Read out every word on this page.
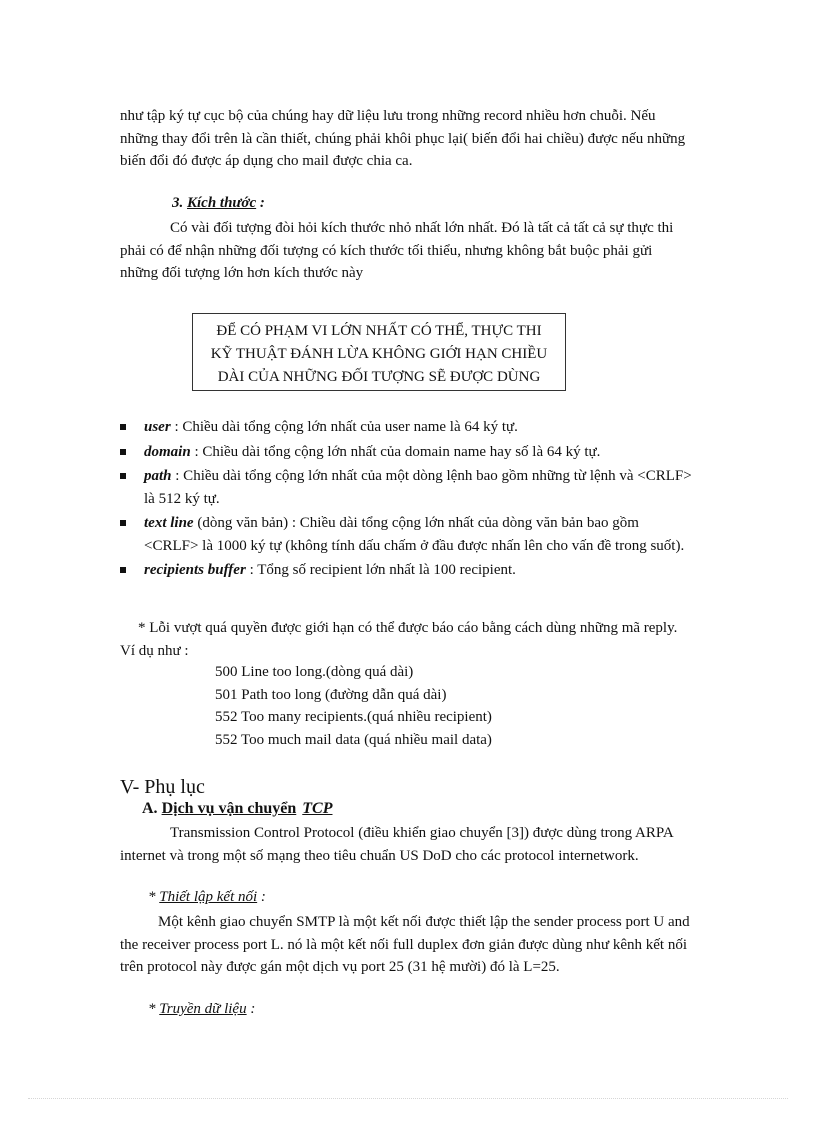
như tập ký tự cục bộ của chúng hay dữ liệu lưu trong những record nhiều hơn chuỗi. Nếu những thay đổi trên là cần thiết, chúng phải khôi phục lại( biến đổi hai chiều) được nếu những biến đổi đó được áp dụng cho mail được chia ca.

3. Kích thước :

Có vài đối tượng đòi hỏi kích thước nhỏ nhất lớn nhất. Đó là tất cả tất cả sự thực thi phải có để nhận những đối tượng có kích thước tối thiểu, nhưng không bắt buộc phải gửi những đối tượng lớn hơn kích thước này

ĐỂ CÓ PHẠM VI LỚN NHẤT CÓ THỂ, THỰC THI
KỸ THUẬT ĐÁNH LỪA KHÔNG GIỚI HẠN CHIỀU
DÀI CỦA NHỮNG ĐỐI TƯỢNG SẼ ĐƯỢC DÙNG
user : Chiều dài tổng cộng lớn nhất của user name là 64 ký tự.
domain : Chiều dài tổng cộng lớn nhất của domain name hay số là 64 ký tự.
path : Chiều dài tổng cộng lớn nhất của một dòng lệnh bao gồm những từ lệnh và <CRLF> là 512 ký tự.
text line (dòng văn bản) : Chiều dài tổng cộng lớn nhất của dòng văn bản bao gồm <CRLF> là 1000 ký tự (không tính dấu chấm ở đầu được nhấn lên cho vấn đề trong suốt).
recipients buffer : Tổng số recipient lớn nhất là 100 recipient.

* Lỗi vượt quá quyền được giới hạn có thể được báo cáo bằng cách dùng những mã reply. Ví dụ như :

500 Line too long.(dòng quá dài)
501 Path too long (đường dẫn quá dài)
552 Too many recipients.(quá nhiều recipient)
552 Too much mail data (quá nhiều mail data)
V- Phụ lục
A. Dịch vụ vận chuyển TCP

Transmission Control Protocol (điều khiển giao chuyển [3]) được dùng trong ARPA internet và trong một số mạng theo tiêu chuẩn US DoD cho các protocol internetwork.

* Thiết lập kết nối :

Một kênh giao chuyển SMTP là một kết nối được thiết lập the sender process port U and the receiver process port L. nó là một kết nối full duplex đơn giản được dùng như kênh kết nối trên protocol này được gán một dịch vụ port 25 (31 hệ mười) đó là L=25.

* Truyền dữ liệu :
